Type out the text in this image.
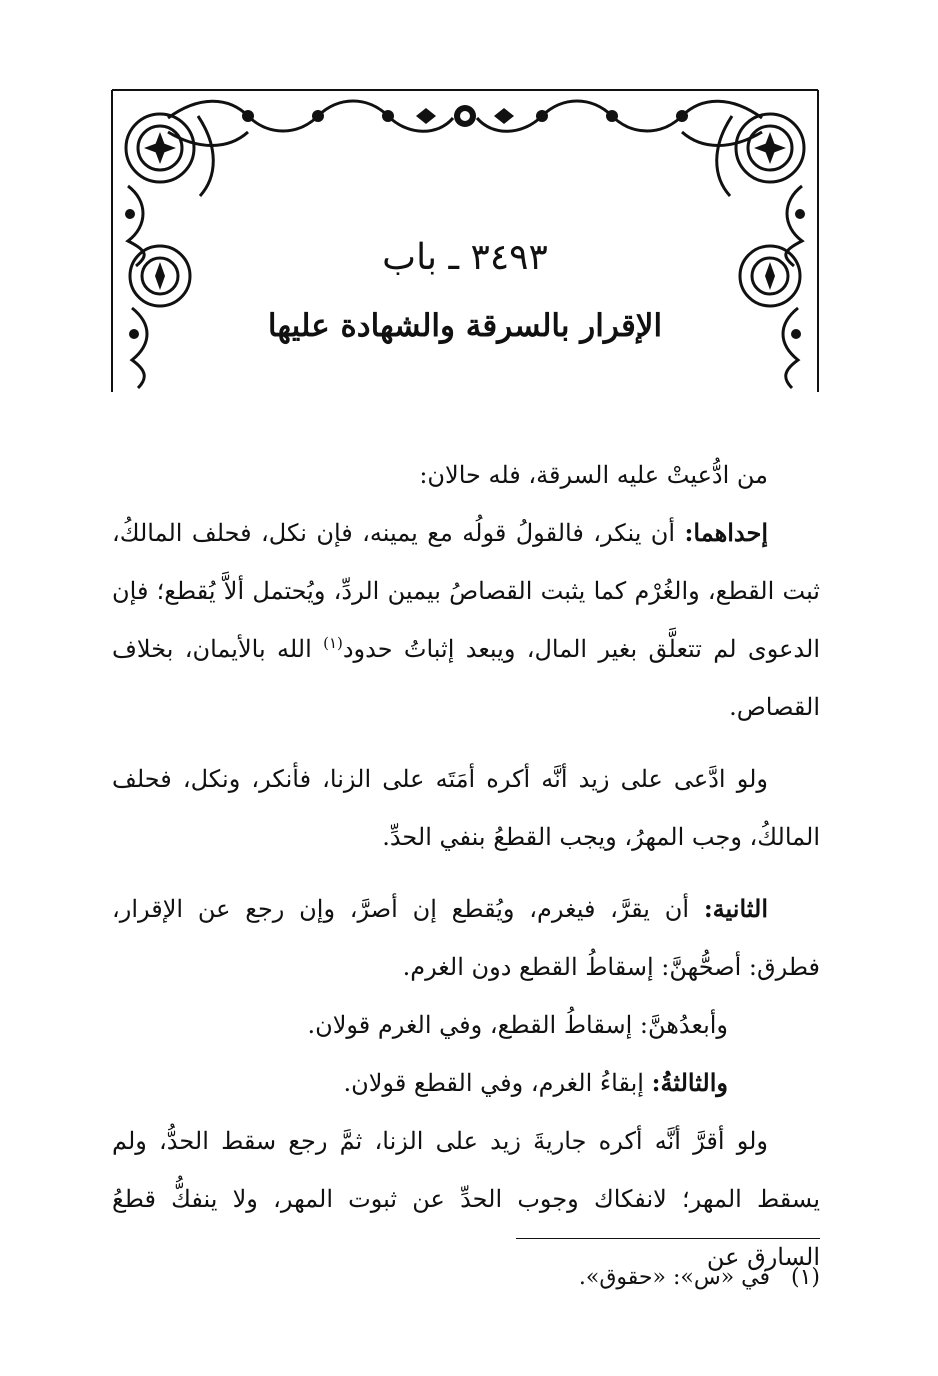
٣٤٩٣ ـ باب
الإقرار بالسرقة والشهادة عليها

من ادُّعيتْ عليه السرقة، فله حالان:

إحداهما: أن ينكر، فالقولُ قولُه مع يمينه، فإن نكل، فحلف المالكُ، ثبت القطع، والغُرْم كما يثبت القصاصُ بيمين الردِّ، ويُحتمل ألاَّ يُقطع؛ فإن الدعوى لم تتعلَّق بغير المال، ويبعد إثباتُ حدود$^{(١)}$ الله بالأيمان، بخلاف القصاص.

ولو ادَّعى على زيد أنَّه أكره أمَتَه على الزنا، فأنكر، ونكل، فحلف المالكُ، وجب المهرُ، ويجب القطعُ بنفي الحدِّ.

الثانية: أن يقرَّ، فيغرم، ويُقطع إن أصرَّ، وإن رجع عن الإقرار، فطرق: أصحُّهنَّ: إسقاطُ القطع دون الغرم.

وأبعدُهنَّ: إسقاطُ القطع، وفي الغرم قولان.

والثالثةُ: إبقاءُ الغرم، وفي القطع قولان.

ولو أقرَّ أنَّه أكره جاريةَ زيد على الزنا، ثمَّ رجع سقط الحدُّ، ولم يسقط المهر؛ لانفكاك وجوب الحدِّ عن ثبوت المهر، ولا ينفكُّ قطعُ السارق عن

(١)   في «س»: «حقوق».
